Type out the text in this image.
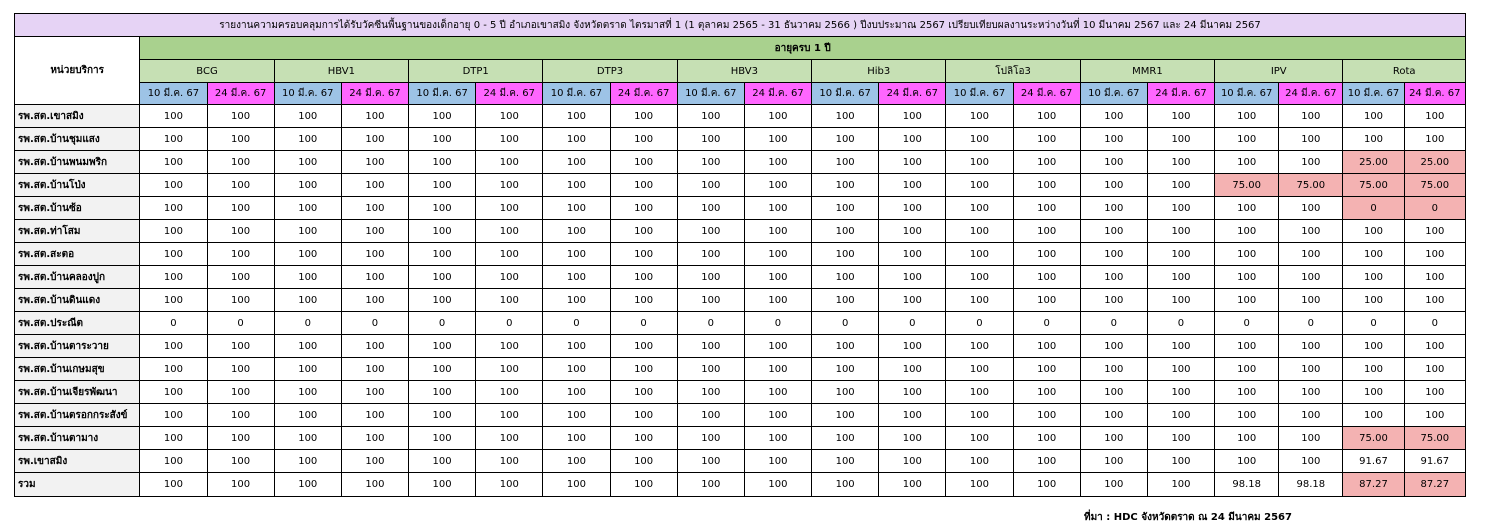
รายงานความครอบคลุมการได้รับวัคซีนพื้นฐานของเด็กอายุ 0 - 5 ปี อำเภอเขาสมิง จังหวัดตราด ไตรมาสที่ 1 (1 ตุลาคม 2565 - 31 ธันวาคม 2566 ) ปีงบประมาณ 2567 เปรียบเทียบผลงานระหว่างวันที่ 10 มีนาคม 2567 และ 24 มีนาคม 2567																				
หน่วยบริการ	อายุครบ 1 ปี																			
	BCG		HBV1		DTP1		DTP3		HBV3		Hib3		โปลิโอ3		MMR1		IPV		Rota	
	10 มี.ค. 67	24 มี.ค. 67	10 มี.ค. 67	24 มี.ค. 67	10 มี.ค. 67	24 มี.ค. 67	10 มี.ค. 67	24 มี.ค. 67	10 มี.ค. 67	24 มี.ค. 67	10 มี.ค. 67	24 มี.ค. 67	10 มี.ค. 67	24 มี.ค. 67	10 มี.ค. 67	24 มี.ค. 67	10 มี.ค. 67	24 มี.ค. 67	10 มี.ค. 67	24 มี.ค. 67
รพ.สต.เขาสมิง	100	100	100	100	100	100	100	100	100	100	100	100	100	100	100	100	100	100	100	100
รพ.สต.บ้านชุมแสง	100	100	100	100	100	100	100	100	100	100	100	100	100	100	100	100	100	100	100	100
รพ.สต.บ้านพนมพริก	100	100	100	100	100	100	100	100	100	100	100	100	100	100	100	100	100	100	25.00	25.00
รพ.สต.บ้านโป่ง	100	100	100	100	100	100	100	100	100	100	100	100	100	100	100	100	75.00	75.00	75.00	75.00
รพ.สต.บ้านซ้อ	100	100	100	100	100	100	100	100	100	100	100	100	100	100	100	100	100	100	0	0
รพ.สต.ท่าโสม	100	100	100	100	100	100	100	100	100	100	100	100	100	100	100	100	100	100	100	100
รพ.สต.สะตอ	100	100	100	100	100	100	100	100	100	100	100	100	100	100	100	100	100	100	100	100
รพ.สต.บ้านคลองปูก	100	100	100	100	100	100	100	100	100	100	100	100	100	100	100	100	100	100	100	100
รพ.สต.บ้านดินแดง	100	100	100	100	100	100	100	100	100	100	100	100	100	100	100	100	100	100	100	100
รพ.สต.ประณีต	0	0	0	0	0	0	0	0	0	0	0	0	0	0	0	0	0	0	0	0
รพ.สต.บ้านตาระวาย	100	100	100	100	100	100	100	100	100	100	100	100	100	100	100	100	100	100	100	100
รพ.สต.บ้านเกษมสุข	100	100	100	100	100	100	100	100	100	100	100	100	100	100	100	100	100	100	100	100
รพ.สต.บ้านเจียรพัฒนา	100	100	100	100	100	100	100	100	100	100	100	100	100	100	100	100	100	100	100	100
รพ.สต.บ้านตรอกกระสังข์	100	100	100	100	100	100	100	100	100	100	100	100	100	100	100	100	100	100	100	100
รพ.สต.บ้านตามาง	100	100	100	100	100	100	100	100	100	100	100	100	100	100	100	100	100	100	75.00	75.00
รพ.เขาสมิง	100	100	100	100	100	100	100	100	100	100	100	100	100	100	100	100	100	100	91.67	91.67
รวม	100	100	100	100	100	100	100	100	100	100	100	100	100	100	100	100	98.18	98.18	87.27	87.27
ที่มา : HDC จังหวัดตราด ณ 24 มีนาคม 2567
